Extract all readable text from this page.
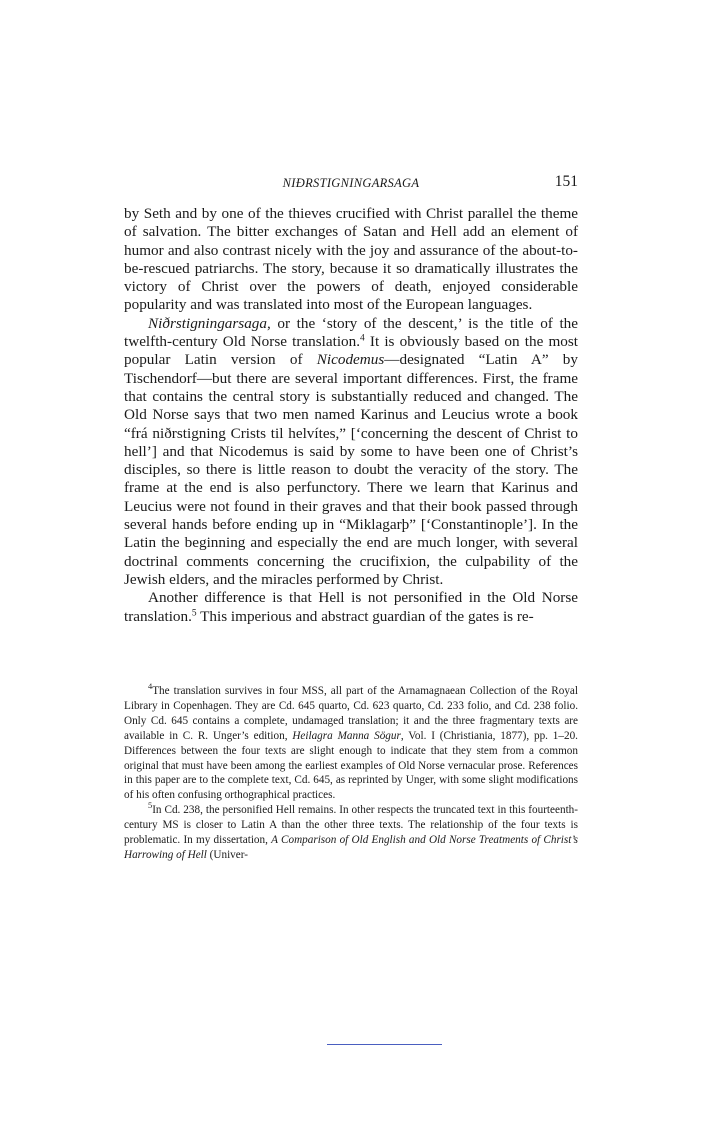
NIÐRSTIGNINGARSAGA	151

by Seth and by one of the thieves crucified with Christ parallel the theme of salvation. The bitter exchanges of Satan and Hell add an element of humor and also contrast nicely with the joy and assurance of the about-to-be-rescued patriarchs. The story, because it so dramatically illustrates the victory of Christ over the powers of death, enjoyed considerable popularity and was translated into most of the European languages.

Niðrstigningarsaga, or the ‘story of the descent,’ is the title of the twelfth-century Old Norse translation.$^4$ It is obviously based on the most popular Latin version of Nicodemus—designated “Latin A” by Tischendorf—but there are several important differences. First, the frame that contains the central story is substantially reduced and changed. The Old Norse says that two men named Karinus and Leucius wrote a book “frá niðrstigning Crists til helvítes,” [‘concerning the descent of Christ to hell’] and that Nicodemus is said by some to have been one of Christ’s disciples, so there is little reason to doubt the veracity of the story. The frame at the end is also perfunctory. There we learn that Karinus and Leucius were not found in their graves and that their book passed through several hands before ending up in “Miklagarþ” [‘Constantinople’]. In the Latin the beginning and especially the end are much longer, with several doctrinal comments concerning the crucifixion, the culpability of the Jewish elders, and the miracles performed by Christ.

Another difference is that Hell is not personified in the Old Norse translation.$^5$ This imperious and abstract guardian of the gates is re-

$^4$The translation survives in four MSS, all part of the Arnamagnaean Collection of the Royal Library in Copenhagen. They are Cd. 645 quarto, Cd. 623 quarto, Cd. 233 folio, and Cd. 238 folio. Only Cd. 645 contains a complete, undamaged translation; it and the three fragmentary texts are available in C. R. Unger’s edition, Heilagra Manna Sögur, Vol. I (Christiania, 1877), pp. 1–20. Differences between the four texts are slight enough to indicate that they stem from a common original that must have been among the earliest examples of Old Norse vernacular prose. References in this paper are to the complete text, Cd. 645, as reprinted by Unger, with some slight modifications of his often confusing orthographical practices.

$^5$In Cd. 238, the personified Hell remains. In other respects the truncated text in this fourteenth-century MS is closer to Latin A than the other three texts. The relationship of the four texts is problematic. In my dissertation, A Comparison of Old English and Old Norse Treatments of Christ’s Harrowing of Hell (Univer-
